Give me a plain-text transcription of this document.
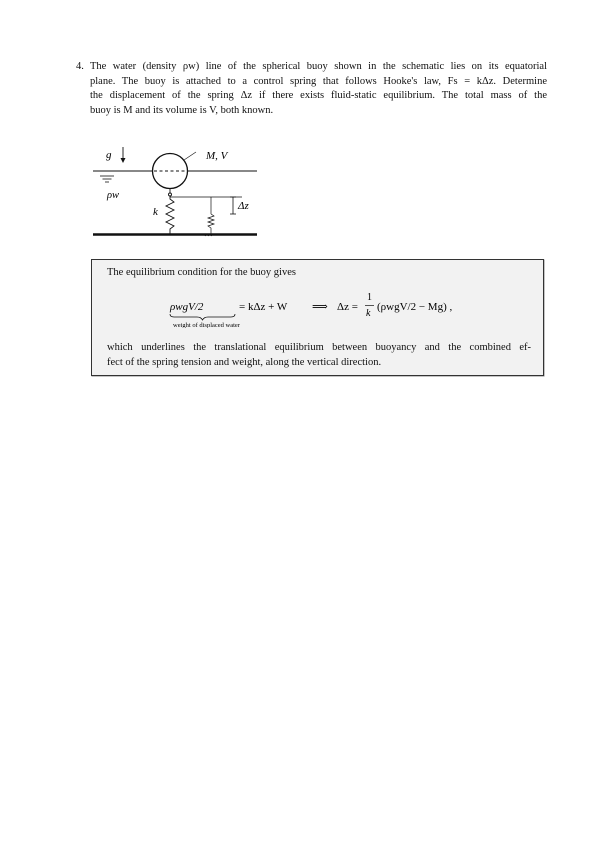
4. The water (density ρw) line of the spherical buoy shown in the schematic lies on its equatorial
plane. The buoy is attached to a control spring that follows Hooke's law, Fs = kΔz. Determine
the displacement of the spring Δz if there exists fluid-static equilibrium. The total mass of the
buoy is M and its volume is V, both known.
g
ρw
M, V
k	Δz
The equilibrium condition for the buoy gives
ρwgV/2
weight of displaced water
= kΔz + W ⟹ Δz =
1
k
(ρwgV/2 − Mg) ,
which underlines the translational equilibrium between buoyancy and the combined ef-
fect of the spring tension and weight, along the vertical direction.
